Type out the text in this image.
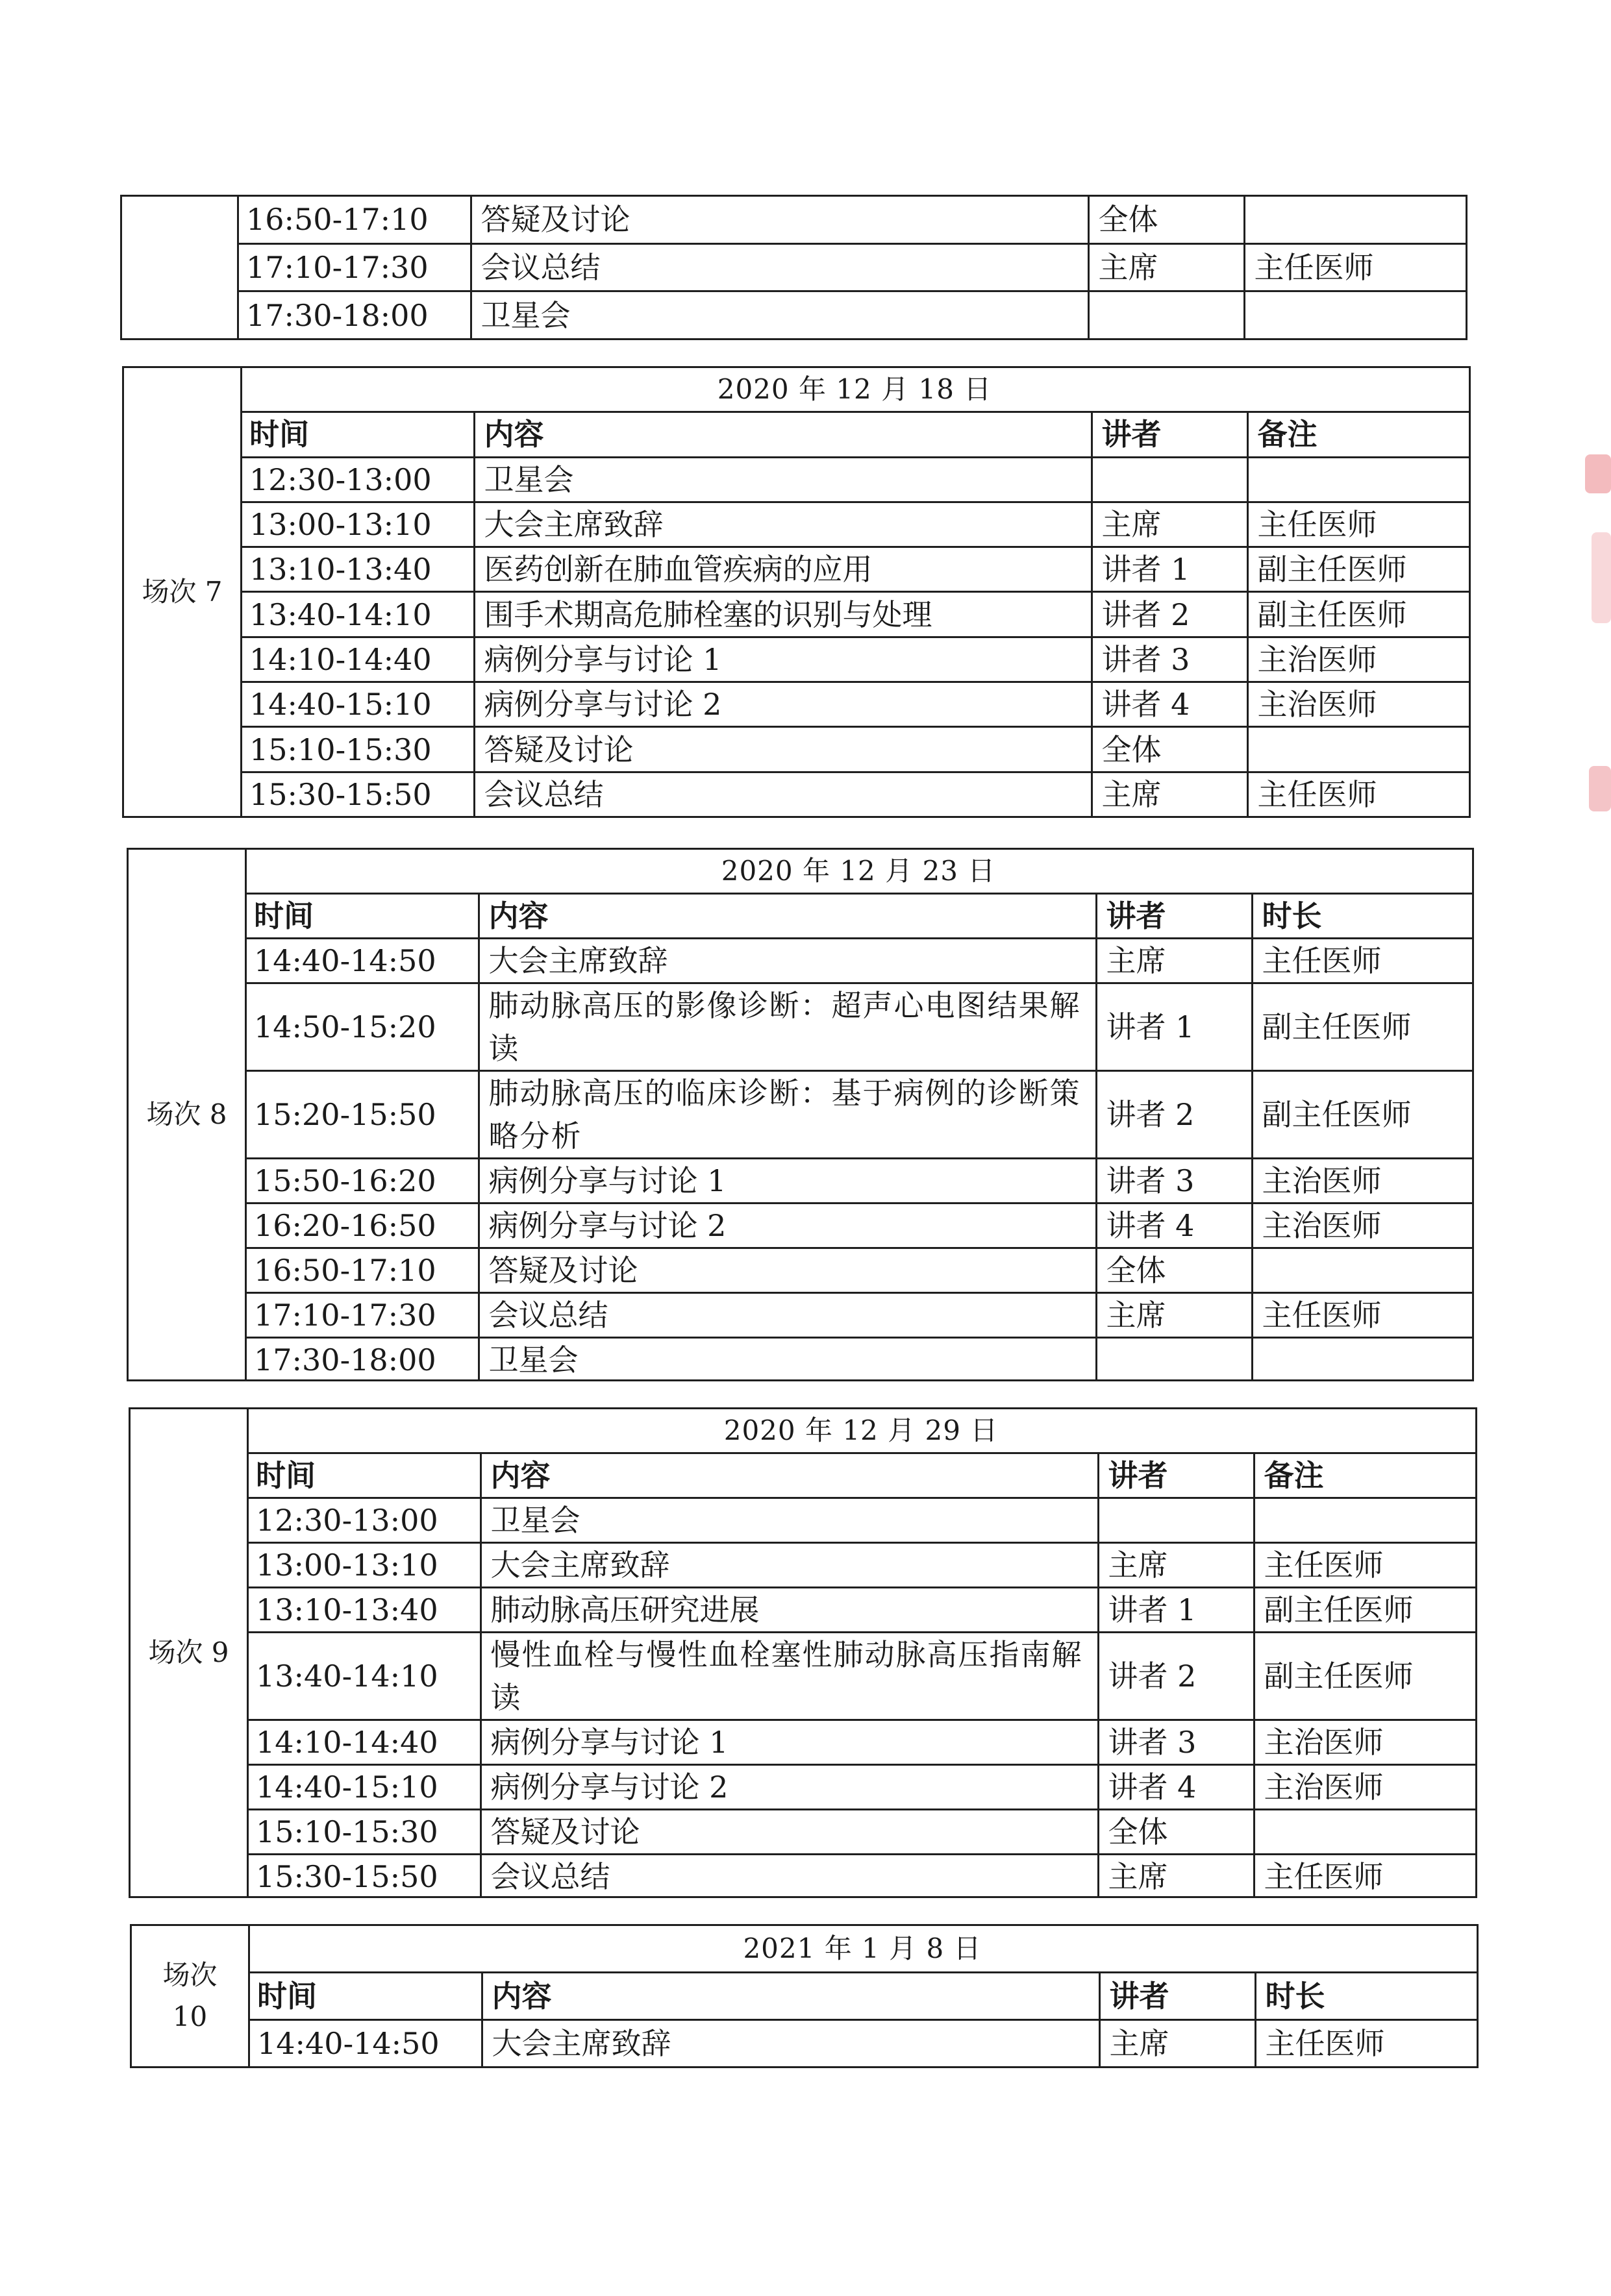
16:50-17:10	答疑及讨论	全体	
17:10-17:30	会议总结	主席	主任医师
17:30-18:00	卫星会		
场次 7
2020 年 12 月 18 日			
时间	内容	讲者	备注
12:30-13:00	卫星会		
13:00-13:10	大会主席致辞	主席	主任医师
13:10-13:40	医药创新在肺血管疾病的应用	讲者 1	副主任医师
13:40-14:10	围手术期高危肺栓塞的识别与处理	讲者 2	副主任医师
14:10-14:40	病例分享与讨论 1	讲者 3	主治医师
14:40-15:10	病例分享与讨论 2	讲者 4	主治医师
15:10-15:30	答疑及讨论	全体	
15:30-15:50	会议总结	主席	主任医师
场次 8
2020 年 12 月 23 日			
时间	内容	讲者	时长
14:40-14:50	大会主席致辞	主席	主任医师
14:50-15:20	肺动脉高压的影像诊断：超声心电图结果解读	讲者 1	副主任医师
15:20-15:50	肺动脉高压的临床诊断：基于病例的诊断策略分析	讲者 2	副主任医师
15:50-16:20	病例分享与讨论 1	讲者 3	主治医师
16:20-16:50	病例分享与讨论 2	讲者 4	主治医师
16:50-17:10	答疑及讨论	全体	
17:10-17:30	会议总结	主席	主任医师
17:30-18:00	卫星会		
场次 9
2020 年 12 月 29 日			
时间	内容	讲者	备注
12:30-13:00	卫星会		
13:00-13:10	大会主席致辞	主席	主任医师
13:10-13:40	肺动脉高压研究进展	讲者 1	副主任医师
13:40-14:10	慢性血栓与慢性血栓塞性肺动脉高压指南解读	讲者 2	副主任医师
14:10-14:40	病例分享与讨论 1	讲者 3	主治医师
14:40-15:10	病例分享与讨论 2	讲者 4	主治医师
15:10-15:30	答疑及讨论	全体	
15:30-15:50	会议总结	主席	主任医师
场次 10
2021 年 1 月 8 日			
时间	内容	讲者	时长
14:40-14:50	大会主席致辞	主席	主任医师
